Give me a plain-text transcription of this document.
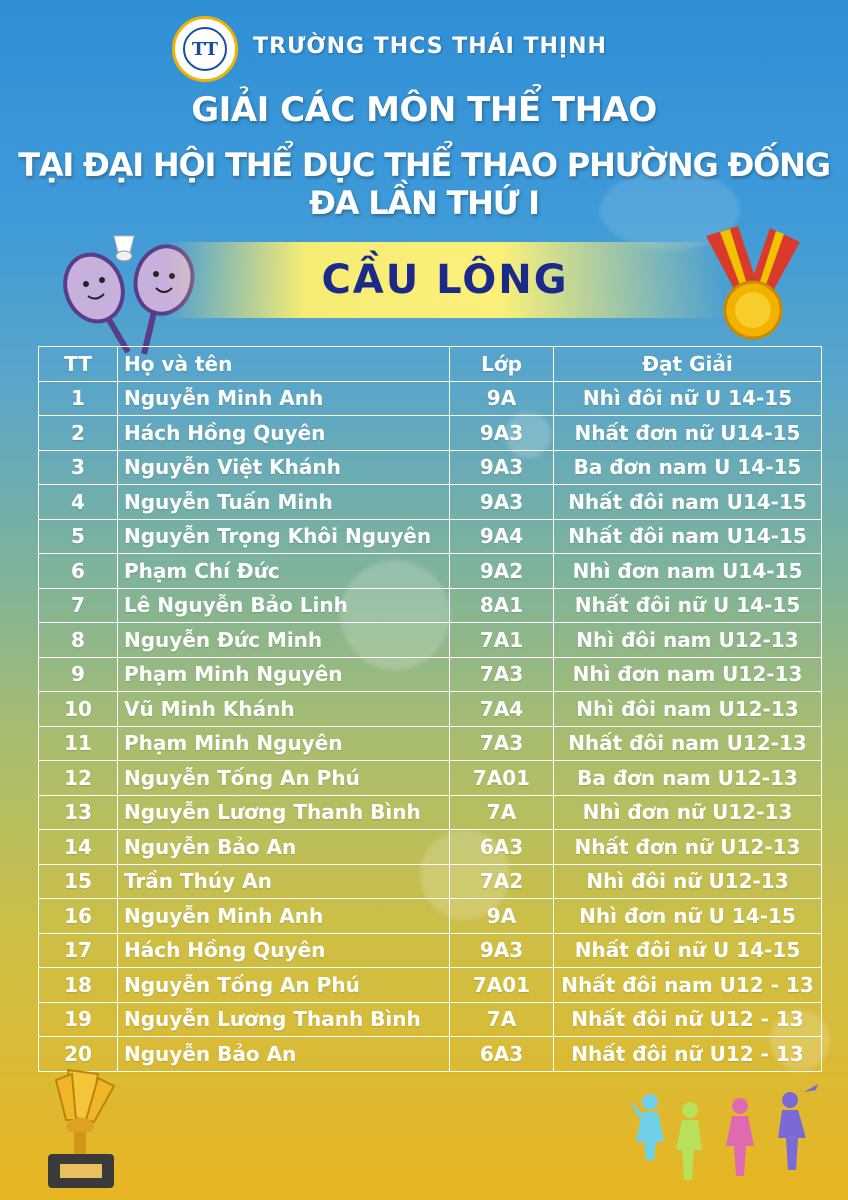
TT	TRƯỜNG THCS THÁI THỊNH
GIẢI CÁC MÔN THỂ THAO
TẠI ĐẠI HỘI THỂ DỤC THỂ THAO PHƯỜNG ĐỐNG ĐA LẦN THỨ I
CẦU LÔNG
TT	Họ và tên	Lớp	Đạt Giải
1	Nguyễn Minh Anh	9A	Nhì đôi nữ U 14-15
2	Hách Hồng Quyên	9A3	Nhất đơn nữ U14-15
3	Nguyễn Việt Khánh	9A3	Ba đơn nam U 14-15
4	Nguyễn Tuấn Minh	9A3	Nhất đôi nam U14-15
5	Nguyễn Trọng Khôi Nguyên	9A4	Nhất đôi nam U14-15
6	Phạm Chí Đức	9A2	Nhì đơn nam U14-15
7	Lê Nguyễn Bảo Linh	8A1	Nhất đôi nữ U 14-15
8	Nguyễn Đức Minh	7A1	Nhì đôi nam U12-13
9	Phạm Minh Nguyên	7A3	Nhì đơn nam U12-13
10	Vũ Minh Khánh	7A4	Nhì đôi nam U12-13
11	Phạm Minh Nguyên	7A3	Nhất đôi nam U12-13
12	Nguyễn Tống An Phú	7A01	Ba đơn nam U12-13
13	Nguyễn Lương Thanh Bình	7A	Nhì đơn nữ U12-13
14	Nguyễn Bảo An	6A3	Nhất đơn nữ U12-13
15	Trần Thúy An	7A2	Nhì đôi nữ U12-13
16	Nguyễn Minh Anh	9A	Nhì đơn nữ U 14-15
17	Hách Hồng Quyên	9A3	Nhất đôi nữ U 14-15
18	Nguyễn Tống An Phú	7A01	Nhất đôi nam U12 - 13
19	Nguyễn Lương Thanh Bình	7A	Nhất đôi nữ U12 - 13
20	Nguyễn Bảo An	6A3	Nhất đôi nữ U12 - 13
